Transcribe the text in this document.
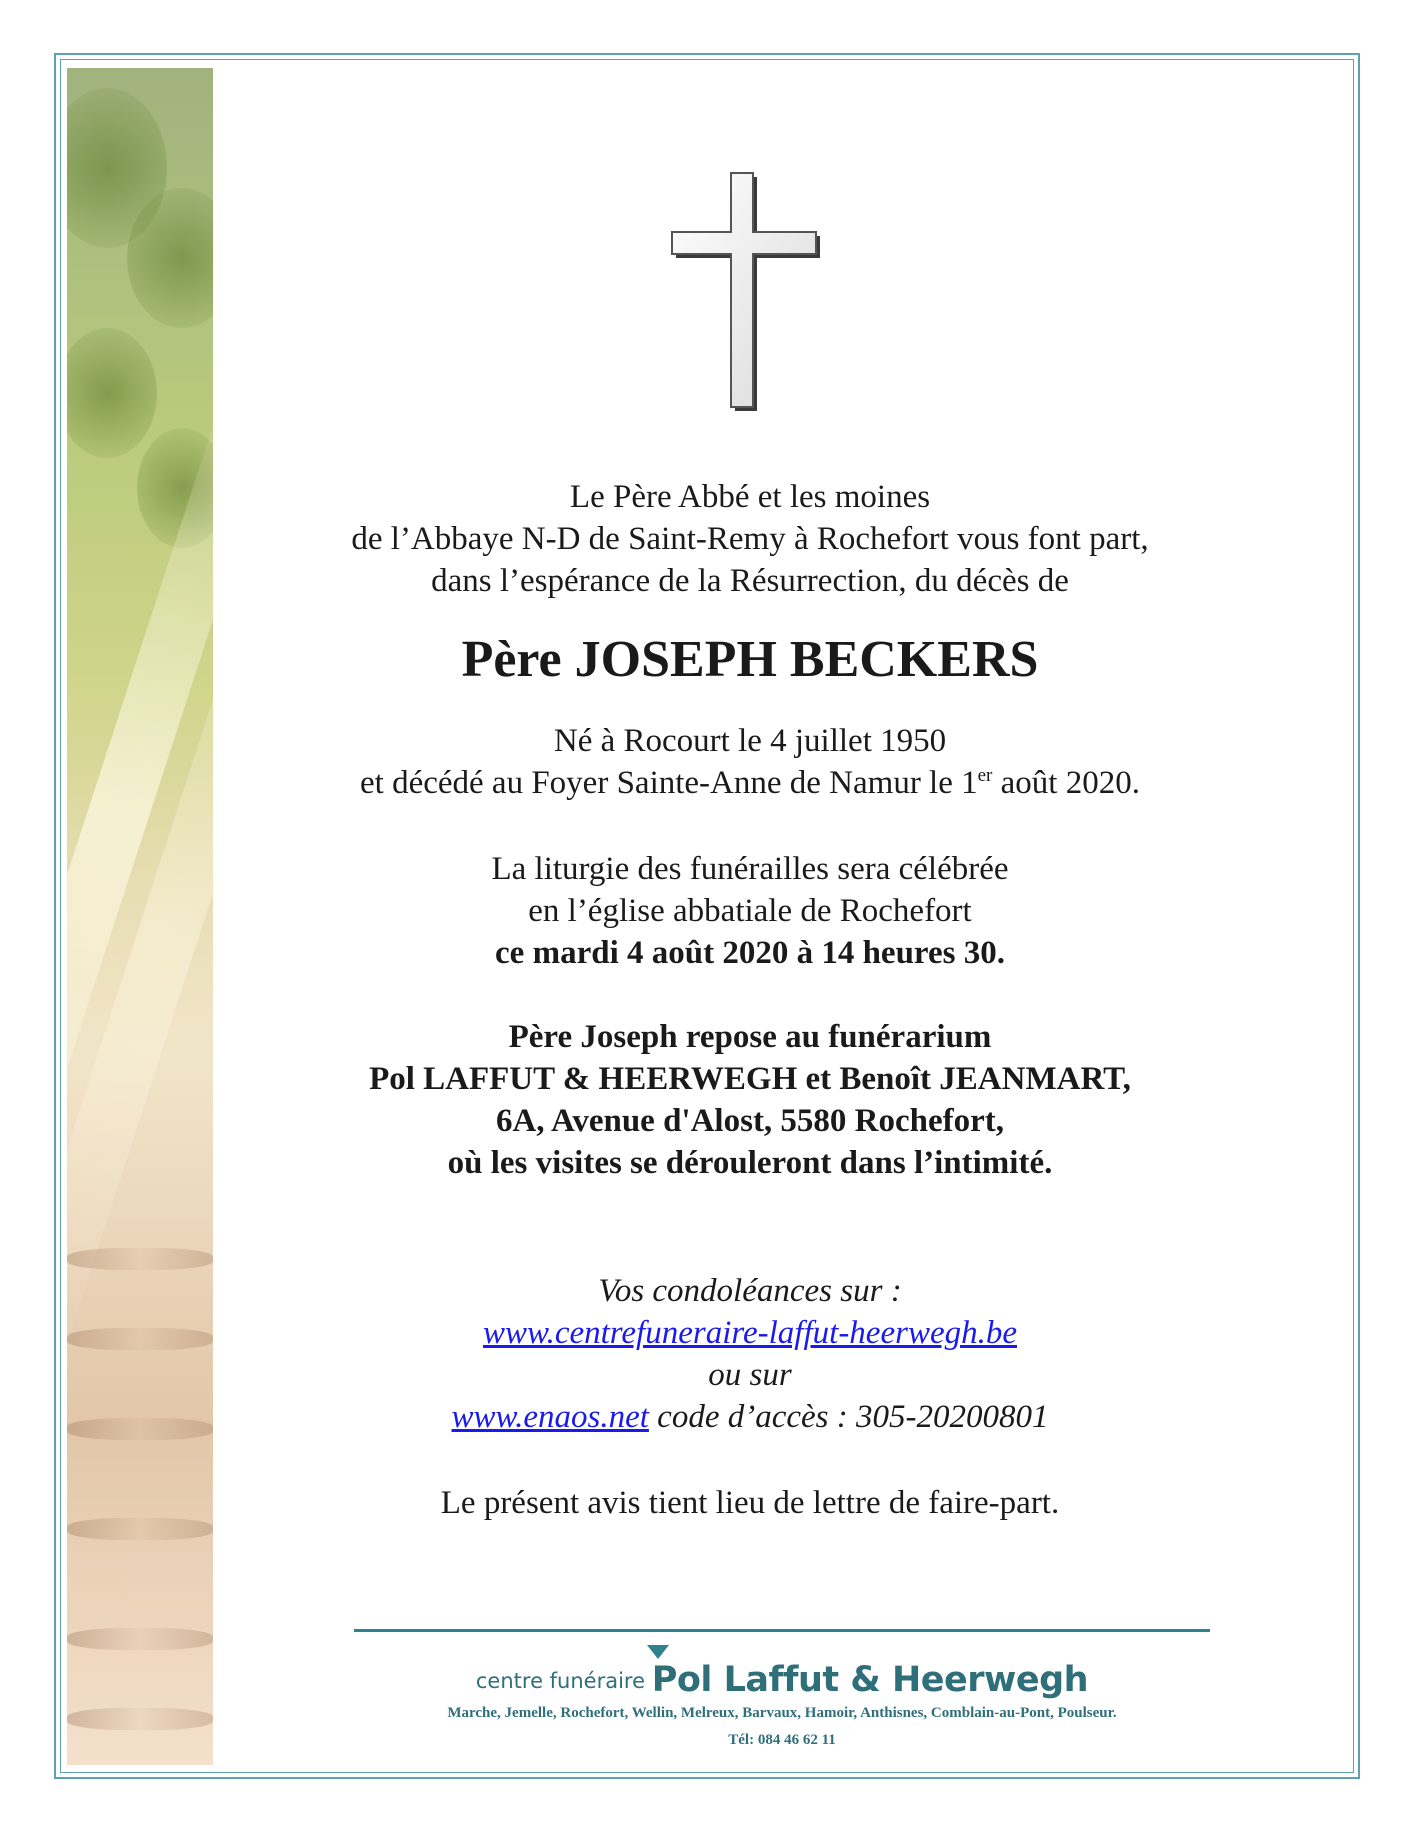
Le Père Abbé et les moines

de l’Abbaye N-D de Saint-Remy à Rochefort vous font part,

dans l’espérance de la Résurrection, du décès de

Père JOSEPH BECKERS

Né à Rocourt le 4 juillet 1950

et décédé au Foyer Sainte-Anne de Namur le 1er août 2020.

La liturgie des funérailles sera célébrée

en l’église abbatiale de Rochefort

ce mardi 4 août 2020 à 14 heures 30.

Père Joseph repose au funérarium

Pol LAFFUT & HEERWEGH et Benoît JEANMART,

6A, Avenue d'Alost, 5580 Rochefort,

où les visites se dérouleront dans l’intimité.

Vos condoléances sur :

www.centrefuneraire-laffut-heerwegh.be

ou sur

www.enaos.net code d’accès : 305-20200801

Le présent avis tient lieu de lettre de faire-part.

centre funéraire Pol Laffut & Heerwegh
Marche, Jemelle, Rochefort, Wellin, Melreux, Barvaux, Hamoir, Anthisnes, Comblain-au-Pont, Poulseur.
Tél: 084 46 62 11
